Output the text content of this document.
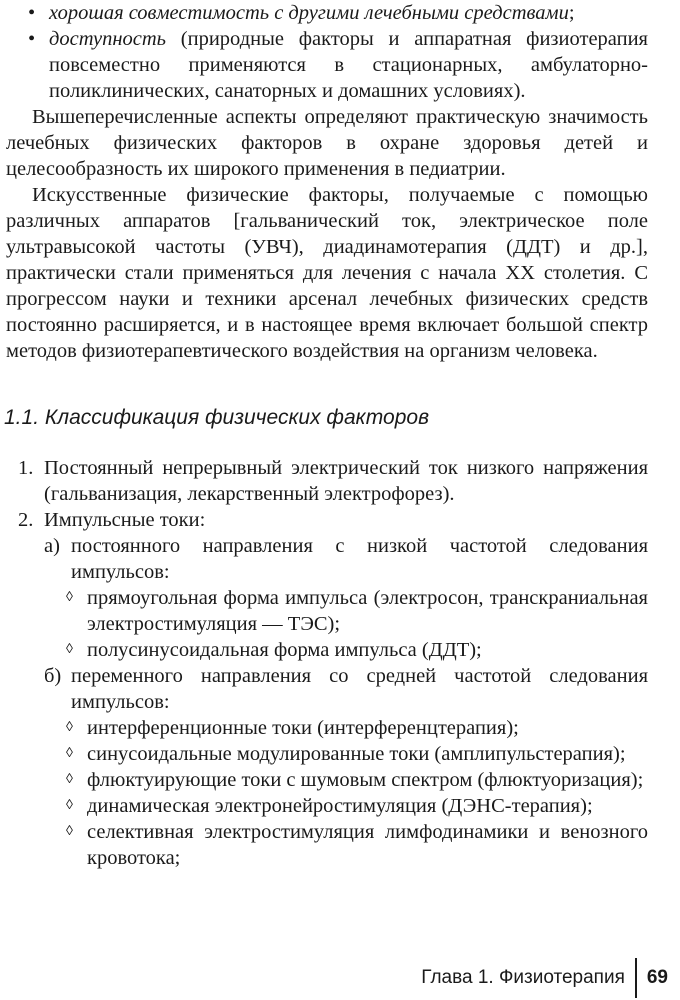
• хорошая совместимость с другими лечебными средствами;
• доступность (природные факторы и аппаратная физиотерапия повсеместно применяются в стационарных, амбулаторно-поликлинических, санаторных и домашних условиях).

Вышеперечисленные аспекты определяют практическую значимость лечебных физических факторов в охране здоровья детей и целесообразность их широкого применения в педиатрии.

Искусственные физические факторы, получаемые с помощью различных аппаратов [гальванический ток, электрическое поле ультравысокой частоты (УВЧ), диадинамотерапия (ДДТ) и др.], практически стали применяться для лечения с начала XX столетия. С прогрессом науки и техники арсенал лечебных физических средств постоянно расширяется, и в настоящее время включает большой спектр методов физиотерапевтического воздействия на организм человека.

1.1. Классификация физических факторов
1. Постоянный непрерывный электрический ток низкого напряжения (гальванизация, лекарственный электрофорез).
2. Импульсные токи:
а) постоянного направления с низкой частотой следования импульсов:
◊ прямоугольная форма импульса (электросон, транскраниальная электростимуляция — ТЭС);
◊ полусинусоидальная форма импульса (ДДТ);
б) переменного направления со средней частотой следования импульсов:
◊ интерференционные токи (интерференцтерапия);
◊ синусоидальные модулированные токи (амплипульстерапия);
◊ флюктуирующие токи с шумовым спектром (флюктуоризация);
◊ динамическая электронейростимуляция (ДЭНС-терапия);
◊ селективная электростимуляция лимфодинамики и венозного кровотока;
Глава 1. Физиотерапия 69
